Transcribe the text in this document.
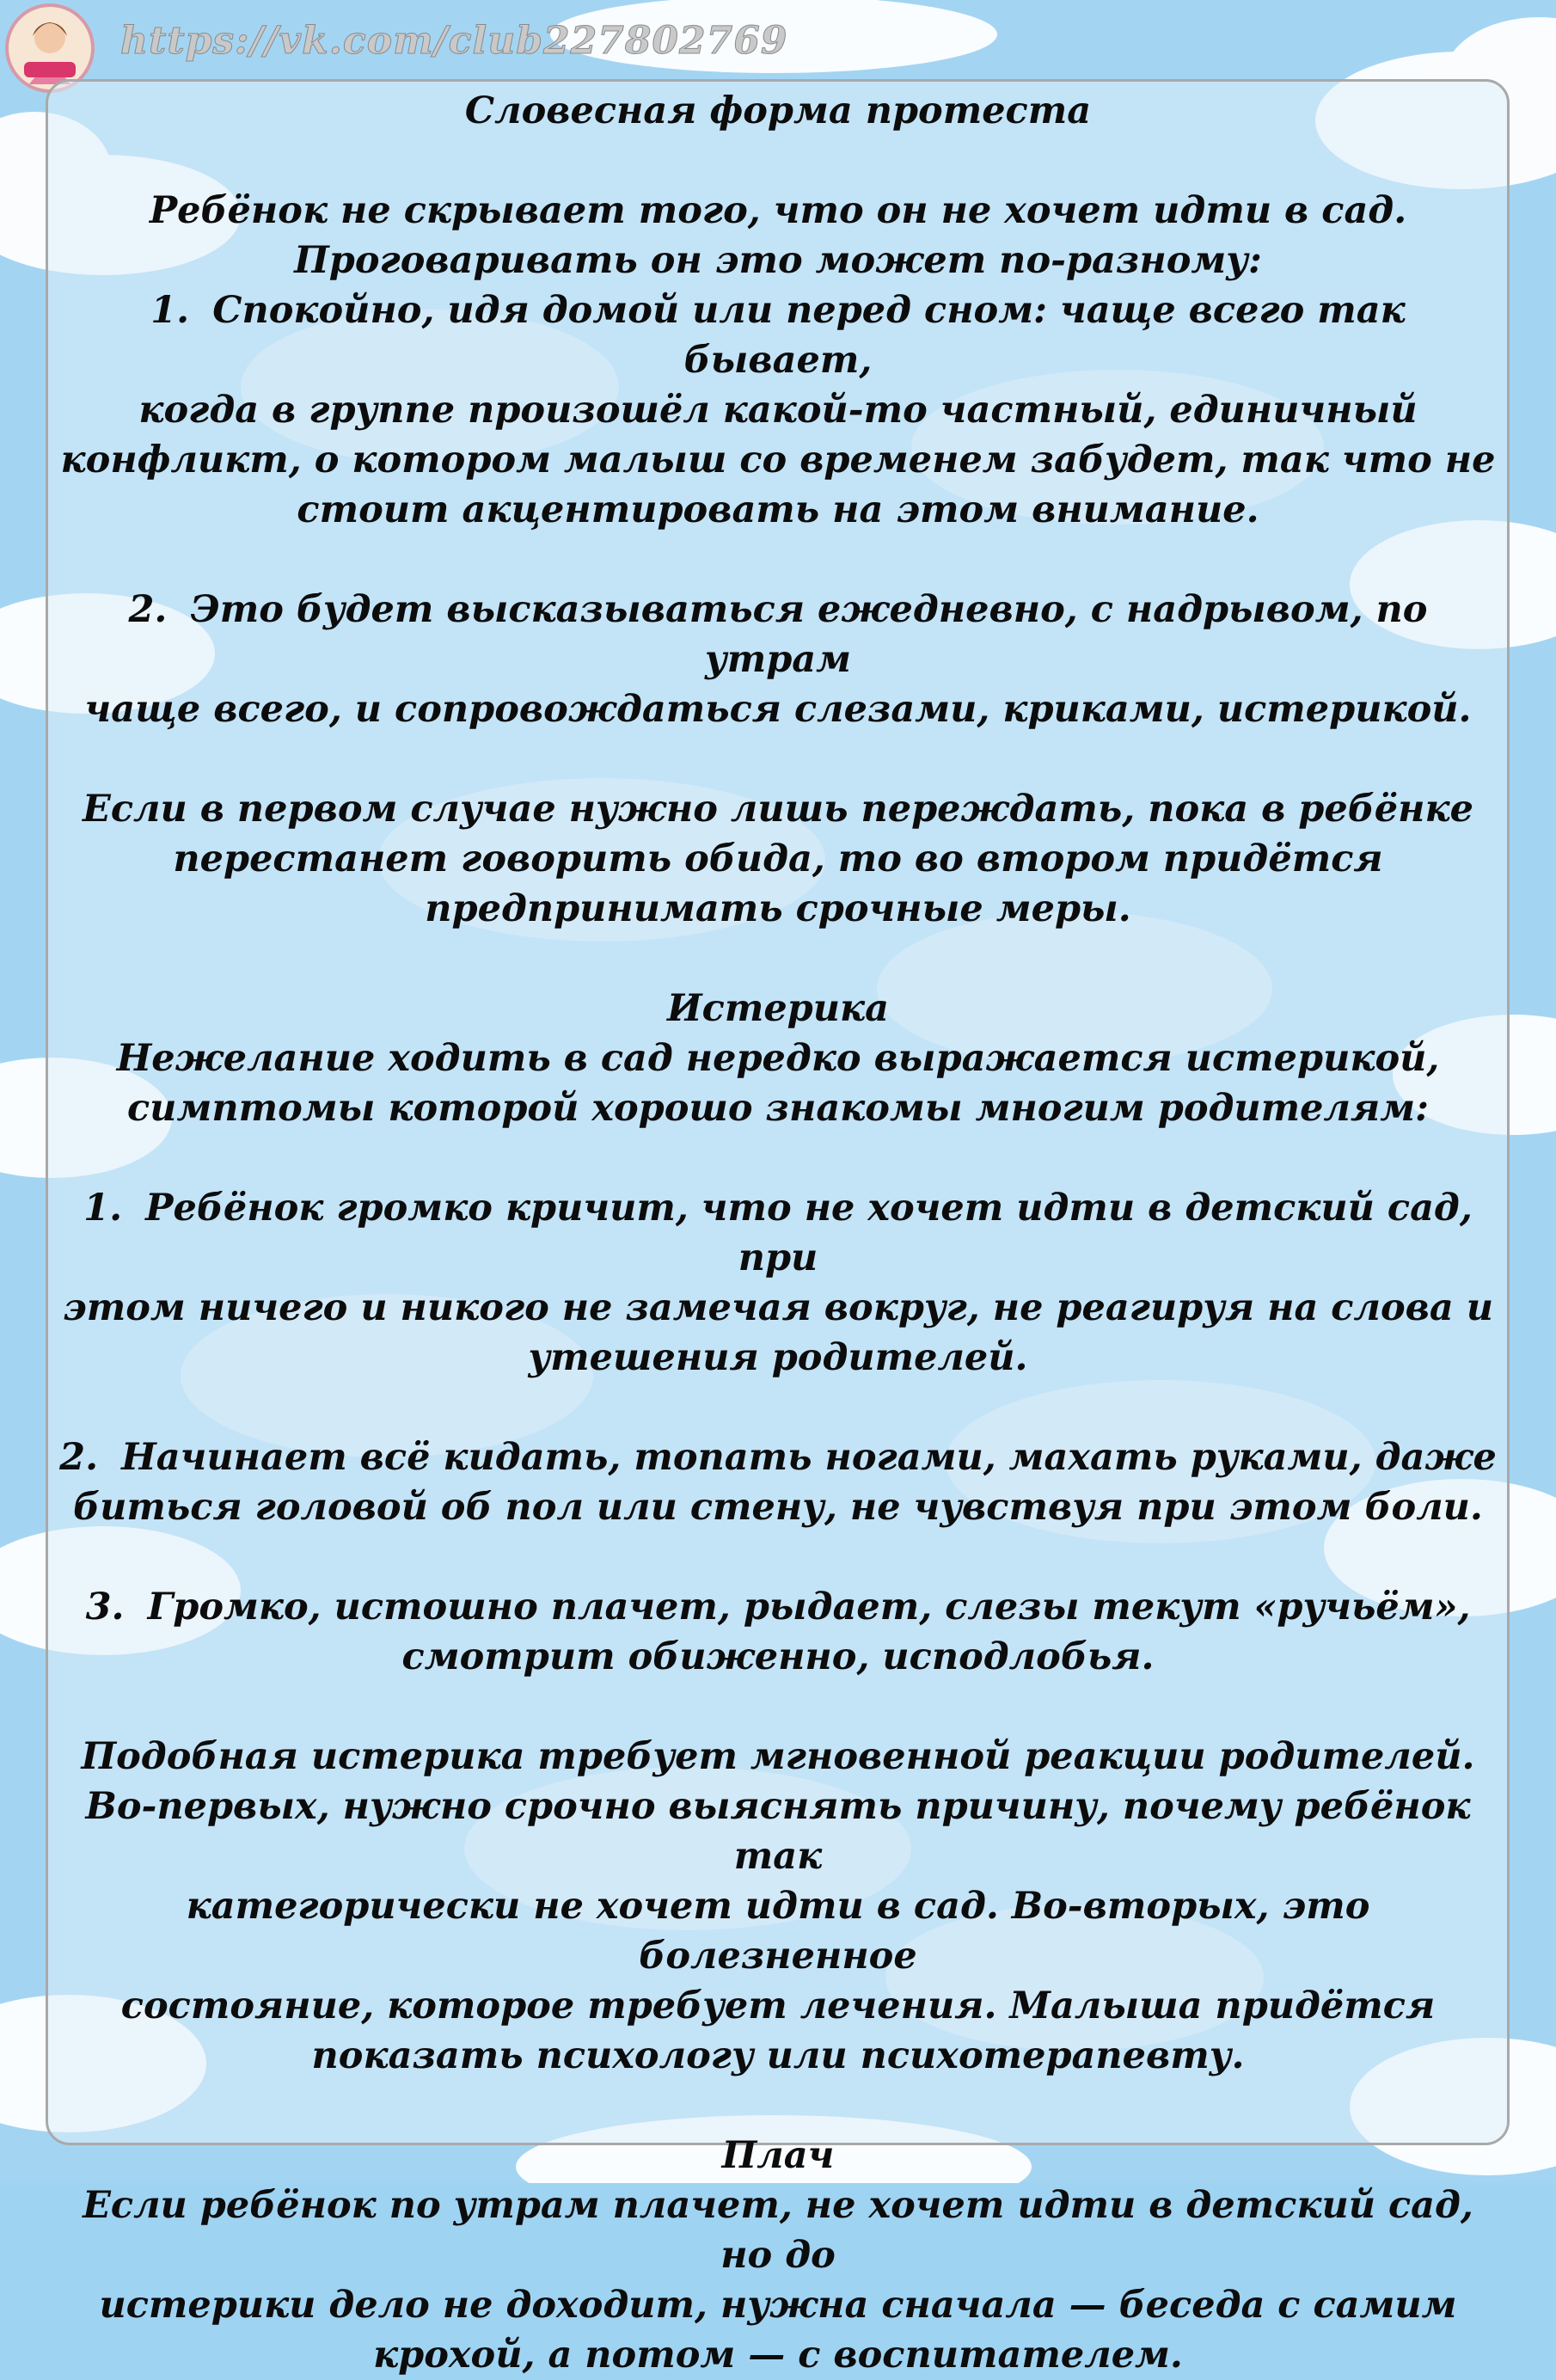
https://vk.com/club227802769

Словесная форма протеста

Ребёнок не скрывает того, что он не хочет идти в сад.

Проговаривать он это может по-разному:

1. Спокойно, идя домой или перед сном: чаще всего так бывает,

когда в группе произошёл какой-то частный, единичный

конфликт, о котором малыш со временем забудет, так что не

стоит акцентировать на этом внимание.

2. Это будет высказываться ежедневно, с надрывом, по утрам

чаще всего, и сопровождаться слезами, криками, истерикой.

Если в первом случае нужно лишь переждать, пока в ребёнке

перестанет говорить обида, то во втором придётся

предпринимать срочные меры.

Истерика

Нежелание ходить в сад нередко выражается истерикой,

симптомы которой хорошо знакомы многим родителям:

1. Ребёнок громко кричит, что не хочет идти в детский сад, при

этом ничего и никого не замечая вокруг, не реагируя на слова и

утешения родителей.

2. Начинает всё кидать, топать ногами, махать руками, даже

биться головой об пол или стену, не чувствуя при этом боли.

3. Громко, истошно плачет, рыдает, слезы текут «ручьём»,

смотрит обиженно, исподлобья.

Подобная истерика требует мгновенной реакции родителей.

Во-первых, нужно срочно выяснять причину, почему ребёнок так

категорически не хочет идти в сад. Во-вторых, это болезненное

состояние, которое требует лечения. Малыша придётся

показать психологу или психотерапевту.

Плач

Если ребёнок по утрам плачет, не хочет идти в детский сад, но до

истерики дело не доходит, нужна сначала — беседа с самим

крохой, а потом — с воспитателем.
